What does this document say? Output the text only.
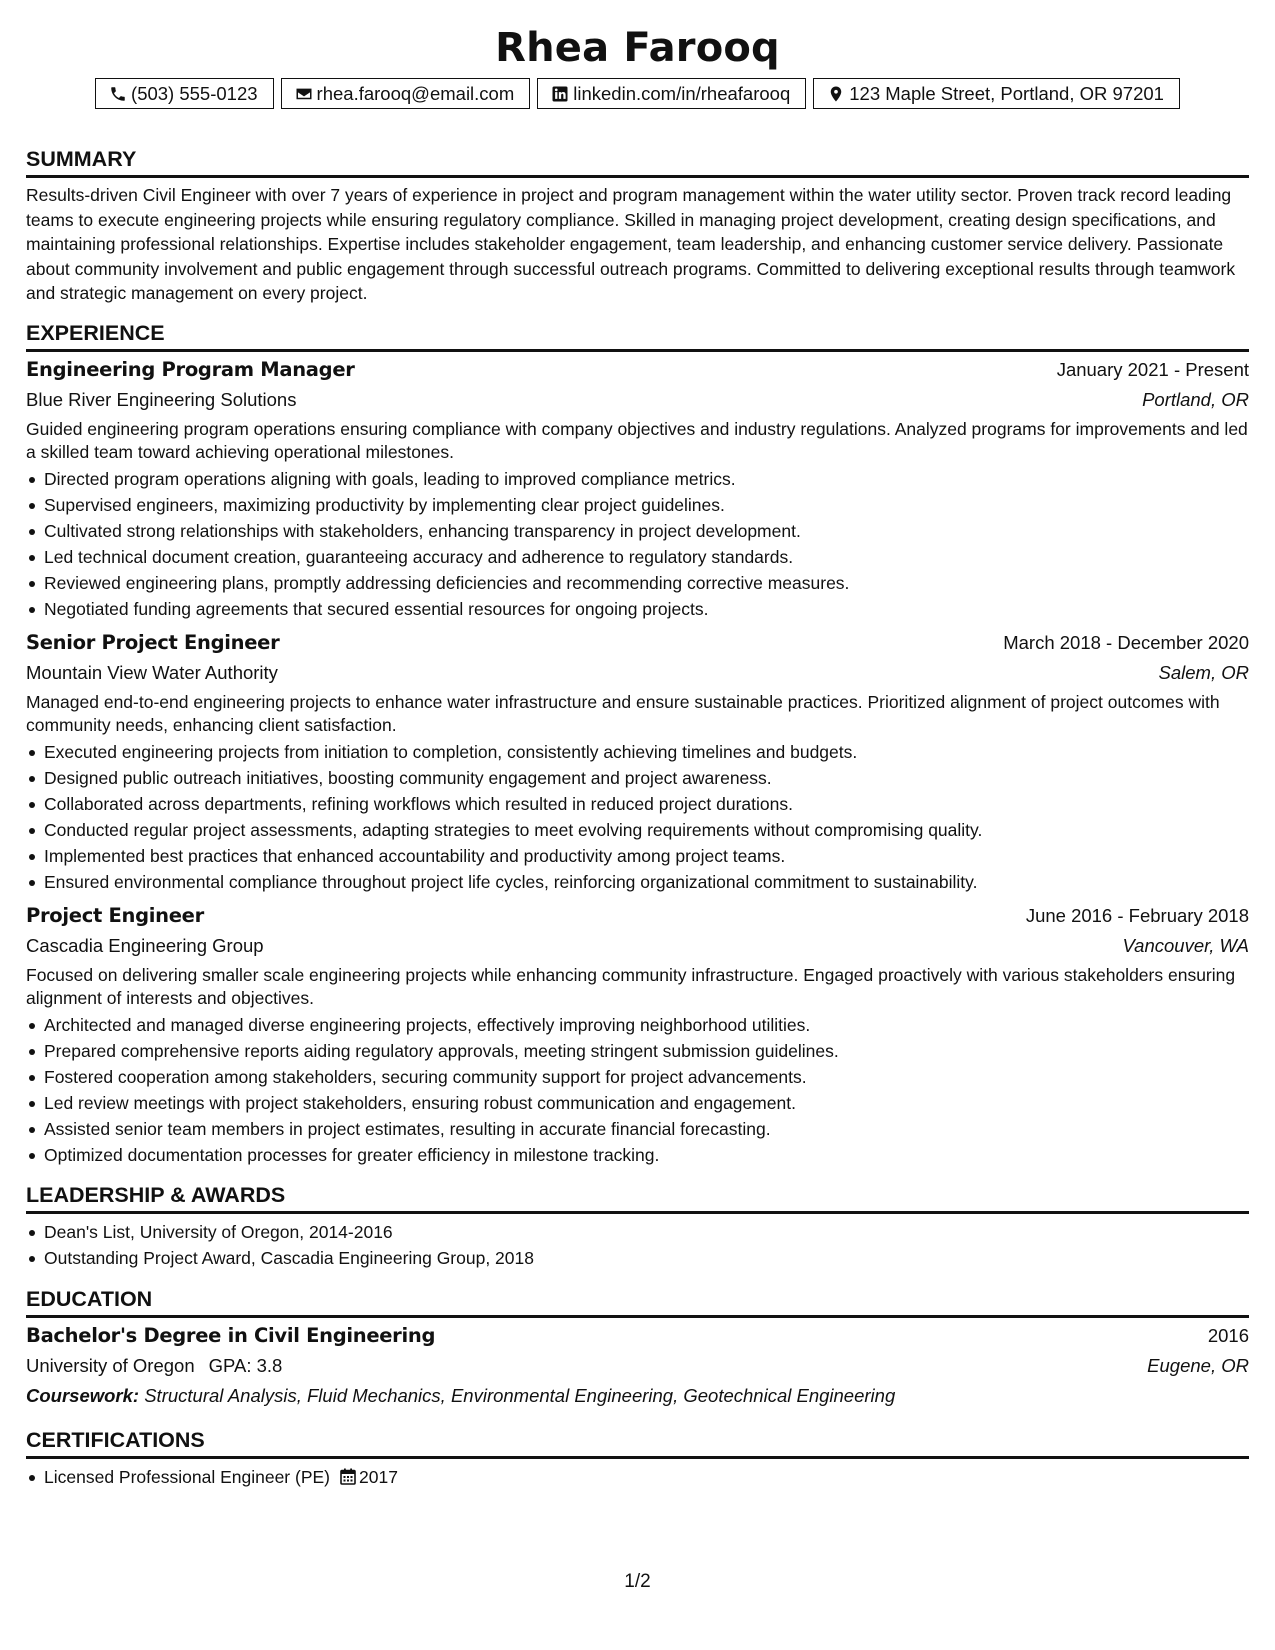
Rhea Farooq
(503) 555-0123	rhea.farooq@email.com	linkedin.com/in/rheafarooq	123 Maple Street, Portland, OR 97201
SUMMARY
Results-driven Civil Engineer with over 7 years of experience in project and program management within the water utility sector. Proven track record leading teams to execute engineering projects while ensuring regulatory compliance. Skilled in managing project development, creating design specifications, and maintaining professional relationships. Expertise includes stakeholder engagement, team leadership, and enhancing customer service delivery. Passionate about community involvement and public engagement through successful outreach programs. Committed to delivering exceptional results through teamwork and strategic management on every project.
EXPERIENCE
Engineering Program Manager	January 2021 - Present
Blue River Engineering Solutions	Portland, OR
Guided engineering program operations ensuring compliance with company objectives and industry regulations. Analyzed programs for improvements and led a skilled team toward achieving operational milestones.
Directed program operations aligning with goals, leading to improved compliance metrics.
Supervised engineers, maximizing productivity by implementing clear project guidelines.
Cultivated strong relationships with stakeholders, enhancing transparency in project development.
Led technical document creation, guaranteeing accuracy and adherence to regulatory standards.
Reviewed engineering plans, promptly addressing deficiencies and recommending corrective measures.
Negotiated funding agreements that secured essential resources for ongoing projects.
Senior Project Engineer	March 2018 - December 2020
Mountain View Water Authority	Salem, OR
Managed end-to-end engineering projects to enhance water infrastructure and ensure sustainable practices. Prioritized alignment of project outcomes with community needs, enhancing client satisfaction.
Executed engineering projects from initiation to completion, consistently achieving timelines and budgets.
Designed public outreach initiatives, boosting community engagement and project awareness.
Collaborated across departments, refining workflows which resulted in reduced project durations.
Conducted regular project assessments, adapting strategies to meet evolving requirements without compromising quality.
Implemented best practices that enhanced accountability and productivity among project teams.
Ensured environmental compliance throughout project life cycles, reinforcing organizational commitment to sustainability.
Project Engineer	June 2016 - February 2018
Cascadia Engineering Group	Vancouver, WA
Focused on delivering smaller scale engineering projects while enhancing community infrastructure. Engaged proactively with various stakeholders ensuring alignment of interests and objectives.
Architected and managed diverse engineering projects, effectively improving neighborhood utilities.
Prepared comprehensive reports aiding regulatory approvals, meeting stringent submission guidelines.
Fostered cooperation among stakeholders, securing community support for project advancements.
Led review meetings with project stakeholders, ensuring robust communication and engagement.
Assisted senior team members in project estimates, resulting in accurate financial forecasting.
Optimized documentation processes for greater efficiency in milestone tracking.
LEADERSHIP & AWARDS
Dean's List, University of Oregon, 2014-2016
Outstanding Project Award, Cascadia Engineering Group, 2018
EDUCATION
Bachelor's Degree in Civil Engineering	2016
University of Oregon GPA: 3.8	Eugene, OR
Coursework: Structural Analysis, Fluid Mechanics, Environmental Engineering, Geotechnical Engineering
CERTIFICATIONS
Licensed Professional Engineer (PE) 2017
1/2
